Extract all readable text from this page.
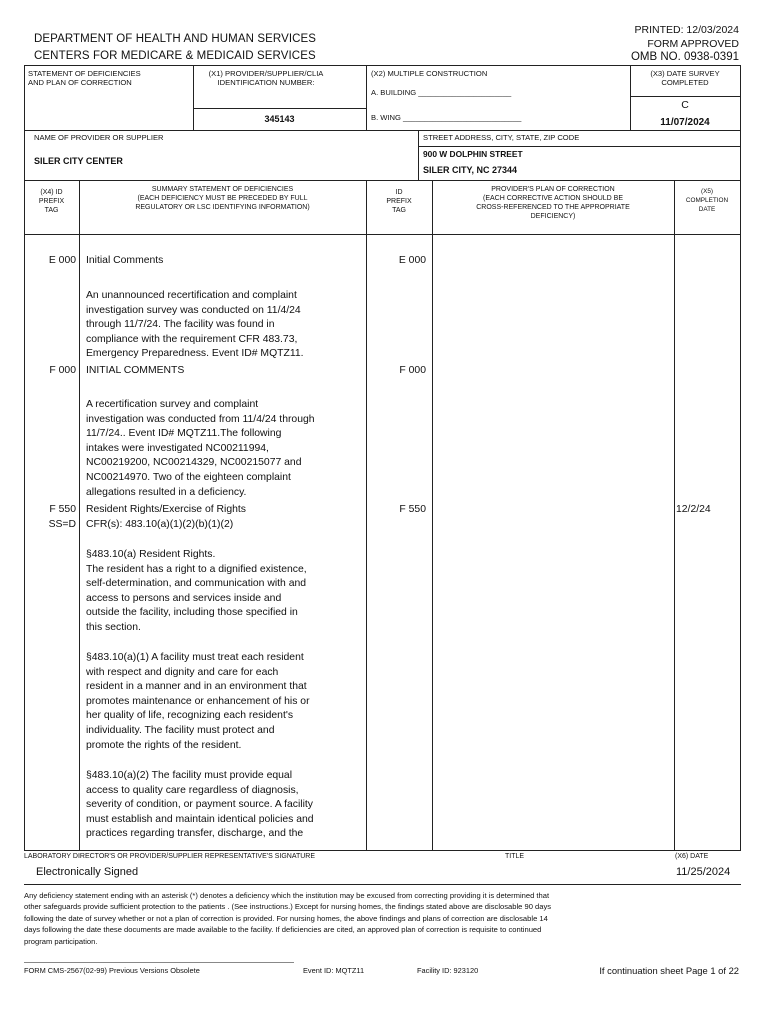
DEPARTMENT OF HEALTH AND HUMAN SERVICES
CENTERS FOR MEDICARE & MEDICAID SERVICES
PRINTED: 12/03/2024
FORM APPROVED
OMB NO. 0938-0391
STATEMENT OF DEFICIENCIES
AND PLAN OF CORRECTION
(X1) PROVIDER/SUPPLIER/CLIA
IDENTIFICATION NUMBER:
345143
(X2) MULTIPLE CONSTRUCTION
A. BUILDING ______________________
B. WING ____________________________
(X3) DATE SURVEY
COMPLETED
C
11/07/2024
NAME OF PROVIDER OR SUPPLIER
SILER CITY CENTER
STREET ADDRESS, CITY, STATE, ZIP CODE
900 W DOLPHIN STREET
SILER CITY, NC 27344
(X4) ID
PREFIX
TAG
SUMMARY STATEMENT OF DEFICIENCIES
(EACH DEFICIENCY MUST BE PRECEDED BY FULL
REGULATORY OR LSC IDENTIFYING INFORMATION)
ID
PREFIX
TAG
PROVIDER'S PLAN OF CORRECTION
(EACH CORRECTIVE ACTION SHOULD BE
CROSS-REFERENCED TO THE APPROPRIATE
DEFICIENCY)
(X5)
COMPLETION
DATE
E 000 Initial Comments	E 000
An unannounced recertification and complaint
investigation survey was conducted on 11/4/24
through 11/7/24. The facility was found in
compliance with the requirement CFR 483.73,
Emergency Preparedness. Event ID# MQTZ11.
F 000 INITIAL COMMENTS	F 000
A recertification survey and complaint
investigation was conducted from 11/4/24 through
11/7/24.. Event ID# MQTZ11.The following
intakes were investigated NC00211994,
NC00219200, NC00214329, NC00215077 and
NC00214970. Two of the eighteen complaint
allegations resulted in a deficiency.
F 550
SS=D
Resident Rights/Exercise of Rights
CFR(s): 483.10(a)(1)(2)(b)(1)(2)
F 550	12/2/24
§483.10(a) Resident Rights.
The resident has a right to a dignified existence,
self-determination, and communication with and
access to persons and services inside and
outside the facility, including those specified in
this section.
§483.10(a)(1) A facility must treat each resident
with respect and dignity and care for each
resident in a manner and in an environment that
promotes maintenance or enhancement of his or
her quality of life, recognizing each resident's
individuality. The facility must protect and
promote the rights of the resident.
§483.10(a)(2) The facility must provide equal
access to quality care regardless of diagnosis,
severity of condition, or payment source. A facility
must establish and maintain identical policies and
practices regarding transfer, discharge, and the
LABORATORY DIRECTOR'S OR PROVIDER/SUPPLIER REPRESENTATIVE'S SIGNATURE	TITLE	(X6) DATE
Electronically Signed	11/25/2024
Any deficiency statement ending with an asterisk (*) denotes a deficiency which the institution may be excused from correcting providing it is determined that
other safeguards provide sufficient protection to the patients . (See instructions.) Except for nursing homes, the findings stated above are disclosable 90 days
following the date of survey whether or not a plan of correction is provided. For nursing homes, the above findings and plans of correction are disclosable 14
days following the date these documents are made available to the facility. If deficiencies are cited, an approved plan of correction is requisite to continued
program participation.
FORM CMS-2567(02-99) Previous Versions Obsolete	Event ID: MQTZ11	Facility ID: 923120	If continuation sheet Page 1 of 22
